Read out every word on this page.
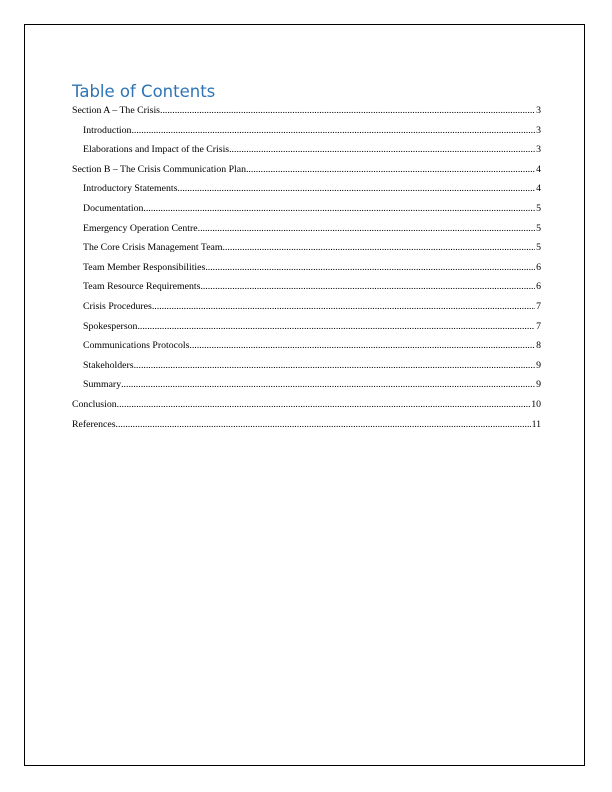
Table of Contents
Section A – The Crisis .....	3
Introduction .....	3
Elaborations and Impact of the Crisis .....	3
Section B – The Crisis Communication Plan .....	4
Introductory Statements .....	4
Documentation .....	5
Emergency Operation Centre .....	5
The Core Crisis Management Team .....	5
Team Member Responsibilities .....	6
Team Resource Requirements .....	6
Crisis Procedures .....	7
Spokesperson .....	7
Communications Protocols .....	8
Stakeholders .....	9
Summary .....	9
Conclusion .....	10
References .....	11
